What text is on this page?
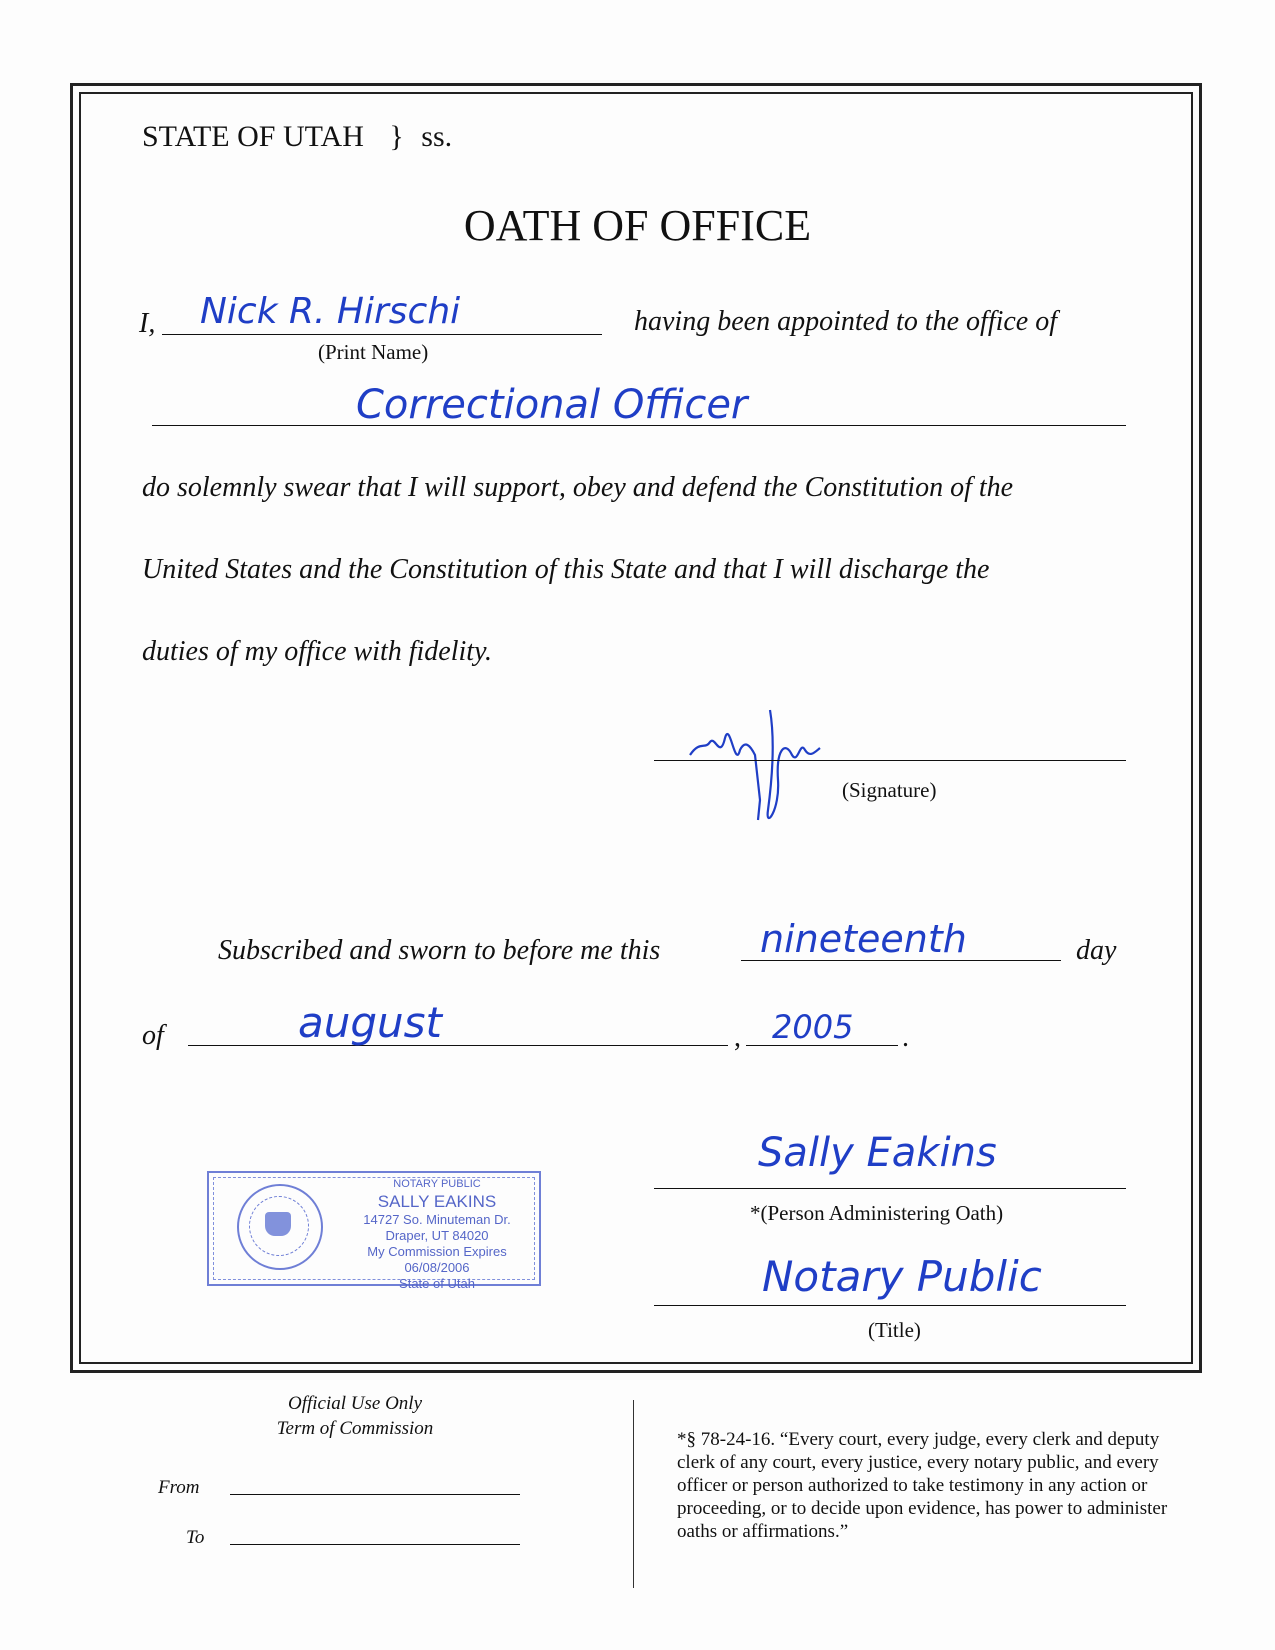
STATE OF UTAH } ss.
OATH OF OFFICE
I, Nick R. Hirschi
(Print Name)
having been appointed to the office of
Correctional Officer
do solemnly swear that I will support, obey and defend the Constitution of the
United States and the Constitution of this State and that I will discharge the
duties of my office with fidelity.
(Signature)
Subscribed and sworn to before me this	nineteenth	day
of	august	, 2005 .
NOTARY PUBLIC
SALLY EAKINS
14727 So. Minuteman Dr.
Draper, UT 84020
My Commission Expires 06/08/2006
State of Utah
Sally Eakins
*(Person Administering Oath)
Notary Public
(Title)
Official Use Only
Term of Commission
From
To
*§ 78-24-16. “Every court, every judge, every clerk and deputy clerk of any court, every justice, every notary public, and every officer or person authorized to take testimony in any action or proceeding, or to decide upon evidence, has power to administer oaths or affirmations.”
